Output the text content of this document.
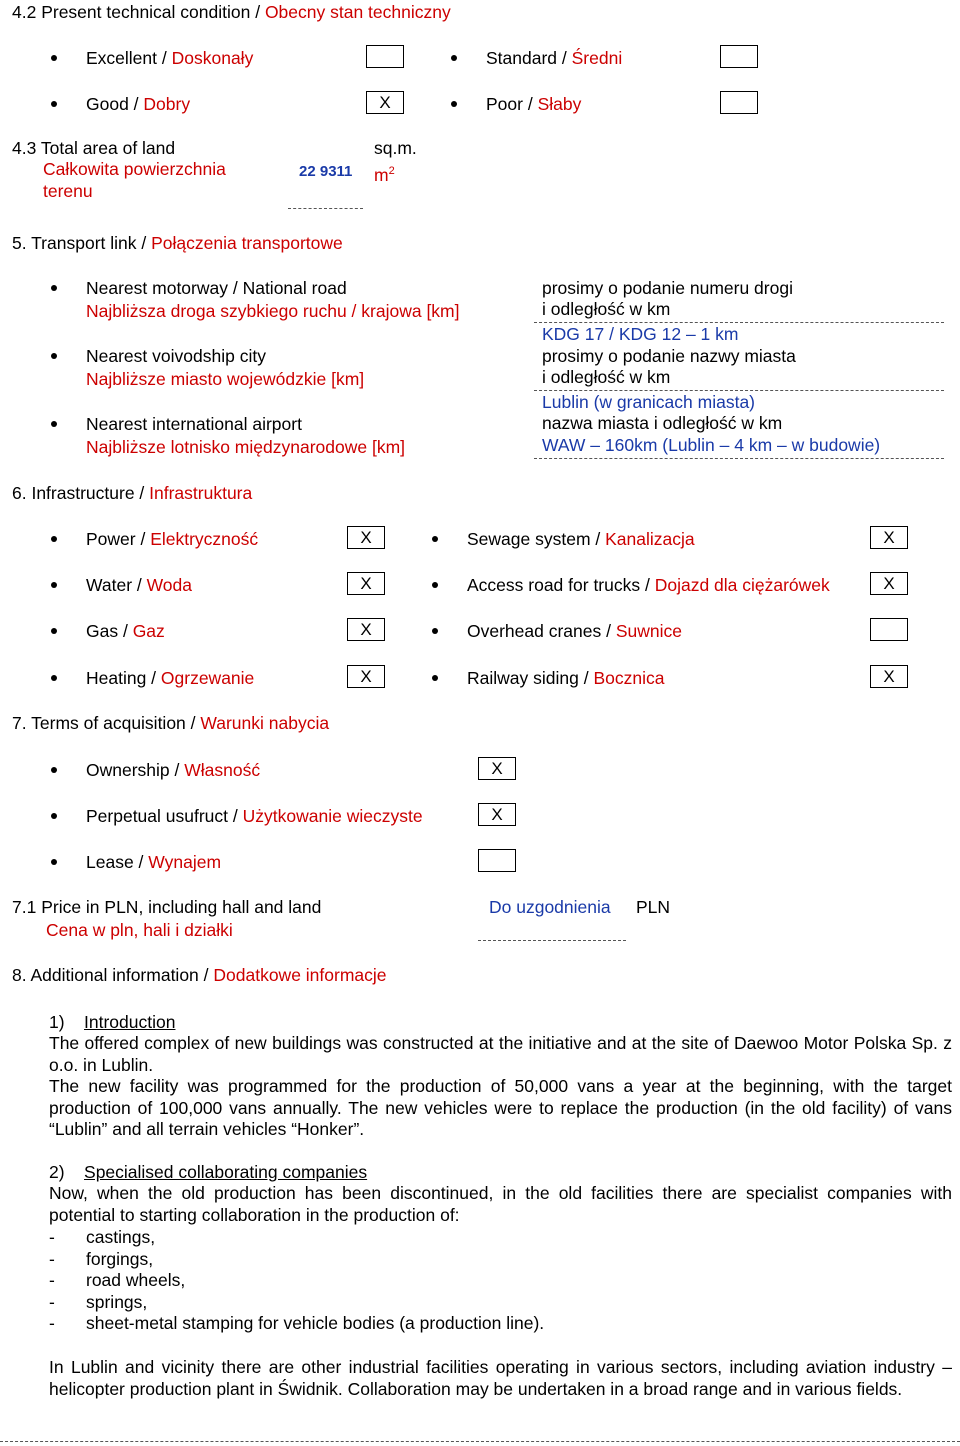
4.2 Present technical condition / Obecny stan techniczny
Excellent / Doskonały	Standard / Średni
Good / Dobry	X	Poor / Słaby
4.3 Total area of land
Całkowita powierzchnia
terenu
22 9311
sq.m.
$m^2$
5. Transport link / Połączenia transportowe
Nearest motorway / National road
Najbliższa droga szybkiego ruchu / krajowa [km]
prosimy o podanie numeru drogi
i odległość w km
KDG 17 / KDG 12 – 1 km
Nearest voivodship city
Najbliższe miasto wojewódzkie [km]
prosimy o podanie nazwy miasta
i odległość w km
Lublin (w granicach miasta)
Nearest international airport
Najbliższe lotnisko międzynarodowe [km]
nazwa miasta i odległość w km
WAW – 160km (Lublin – 4 km – w budowie)
6. Infrastructure / Infrastruktura
Power / Elektryczność	X	Sewage system / Kanalizacja	X
Water / Woda	X	Access road for trucks / Dojazd dla ciężarówek	X
Gas / Gaz	X	Overhead cranes / Suwnice
Heating / Ogrzewanie	X	Railway siding / Bocznica	X
7. Terms of acquisition / Warunki nabycia
Ownership / Własność	X
Perpetual usufruct / Użytkowanie wieczyste	X
Lease / Wynajem
7.1 Price in PLN, including hall and land
Cena w pln, hali i działki
Do uzgodnienia PLN
8. Additional information / Dodatkowe informacje
1) Introduction
The offered complex of new buildings was constructed at the initiative and at the site of Daewoo Motor Polska Sp. z o.o. in Lublin.
The new facility was programmed for the production of 50,000 vans a year at the beginning, with the target production of 100,000 vans annually. The new vehicles were to replace the production (in the old facility) of vans “Lublin” and all terrain vehicles “Honker”.
2) Specialised collaborating companies
Now, when the old production has been discontinued, in the old facilities there are specialist companies with potential to starting collaboration in the production of:
- castings,
- forgings,
- road wheels,
- springs,
- sheet-metal stamping for vehicle bodies (a production line).
In Lublin and vicinity there are other industrial facilities operating in various sectors, including aviation industry – helicopter production plant in Świdnik. Collaboration may be undertaken in a broad range and in various fields.
